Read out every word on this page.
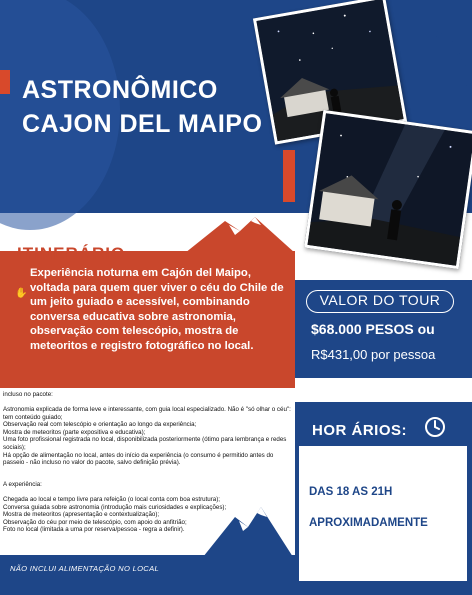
ASTRONÔMICO
CAJON DEL MAIPO
ITINERÁRIO
✋
Experiência noturna em Cajón del Maipo, voltada para quem quer viver o céu do Chile de um jeito guiado e acessível, combinando conversa educativa sobre astronomia, observação com telescópio, mostra de meteoritos e registro fotográfico no local.
VALOR DO TOUR
$68.000 PESOS ou
R$431,00 por pessoa
incluso no pacote:
Astronomia explicada de forma leve e interessante, com guia local especializado. Não é "só olhar o céu": tem conteúdo guiado;
Observação real com telescópio e orientação ao longo da experiência;
Mostra de meteoritos (parte expositiva e educativa);
Uma foto profissional registrada no local, disponibilizada posteriormente (ótimo para lembrança e redes sociais);
Há opção de alimentação no local, antes do início da experiência (o consumo é permitido antes do passeio - não incluso no valor do pacote, salvo definição prévia).
A experiência:
Chegada ao local e tempo livre para refeição (o local conta com boa estrutura);
Conversa guiada sobre astronomia (introdução mais curiosidades e explicações);
Mostra de meteoritos (apresentação e contextualização);
Observação do céu por meio de telescópio, com apoio do anfitrião;
Foto no local (limitada a uma por reserva/pessoa - regra a definir).
NÃO INCLUI ALIMENTAÇÃO NO LOCAL
HOR ÁRIOS:
DAS 18 AS 21H
APROXIMADAMENTE
